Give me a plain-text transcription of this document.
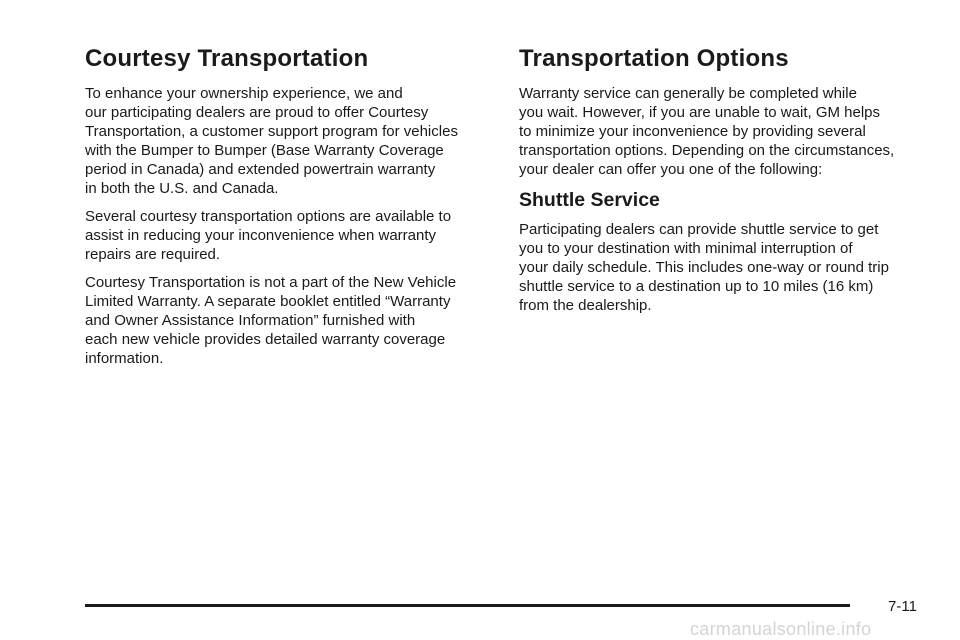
Courtesy Transportation

To enhance your ownership experience, we and
our participating dealers are proud to offer Courtesy
Transportation, a customer support program for vehicles
with the Bumper to Bumper (Base Warranty Coverage
period in Canada) and extended powertrain warranty
in both the U.S. and Canada.

Several courtesy transportation options are available to
assist in reducing your inconvenience when warranty
repairs are required.

Courtesy Transportation is not a part of the New Vehicle
Limited Warranty. A separate booklet entitled “Warranty
and Owner Assistance Information” furnished with
each new vehicle provides detailed warranty coverage
information.

Transportation Options

Warranty service can generally be completed while
you wait. However, if you are unable to wait, GM helps
to minimize your inconvenience by providing several
transportation options. Depending on the circumstances,
your dealer can offer you one of the following:

Shuttle Service

Participating dealers can provide shuttle service to get
you to your destination with minimal interruption of
your daily schedule. This includes one-way or round trip
shuttle service to a destination up to 10 miles (16 km)
from the dealership.

7-11
carmanualsonline.info
